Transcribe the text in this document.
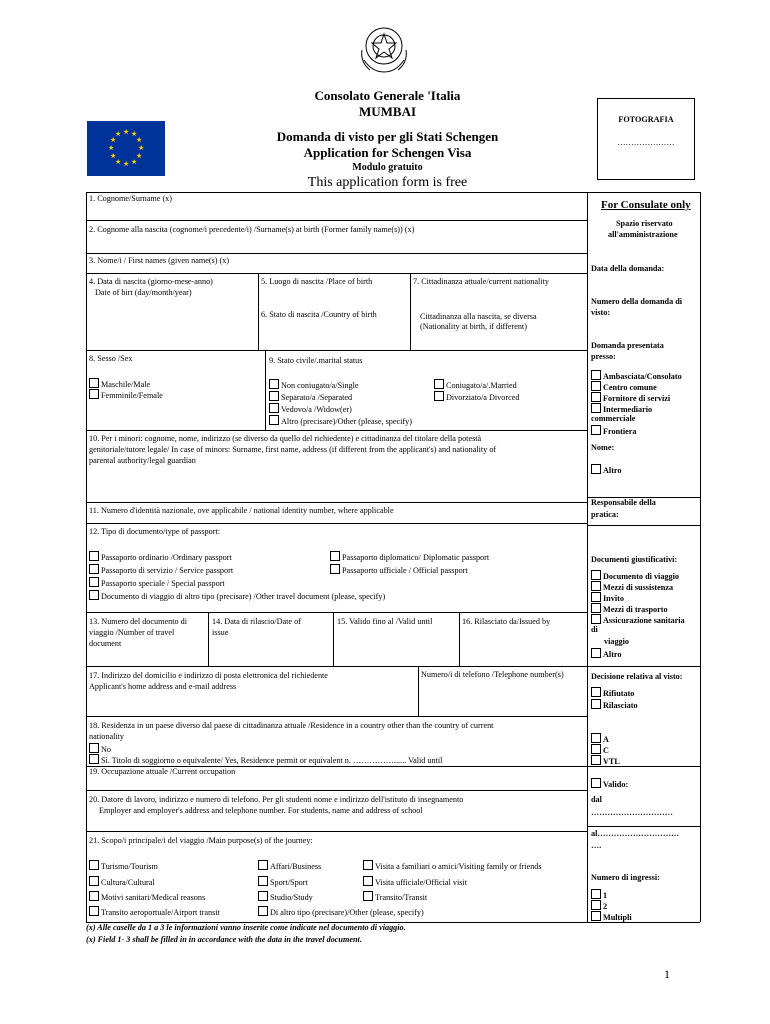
★ ★
★
★
★
★
★
★
★
★
★
★
Consolato Generale 'Italia
MUMBAI
Domanda di visto per gli Stati Schengen
Application for Schengen Visa
Modulo gratuito
This application form is free
FOTOGRAFIA
…………………
1. Cognome/Surname (x)
2. Cognome alla nascita (cognome/i precedente/i) /Surname(s) at birth (Former family name(s)) (x)
3. Nome/i / First names (given name(s) (x)
4. Data di nascita (giorno-mese-anno)
Date of birt (day/month/year)
5. Luogo di nascita /Place of birth
6. Stato di nascita /Country of birth
7. Cittadinanza attuale/current nationality
Cittadinanza alla nascita, se diversa
(Nationality at birth, if different)
8. Sesso /Sex
Maschile/Male
Femminile/Female
9. Stato civile/.marital status
Non coniugato/a/Single
Separato/a /Separated
Vedovo/a /Widow(er)
Altro (precisare)/Other (please, specify)
Coniugato/a/.Married
Divorziato/a Divorced
10. Per i minori: cognome, nome, indirizzo (se diverso da quello del richiedente) e cittadinanza del titolare della potestà
genitoriale/tutore legale/ In case of minors: Surname, first name, address (if different from the applicant's) and nationality of
parental authority/legal guardian
11. Numero d'identità nazionale, ove applicabile / national identity number, where applicable
12. Tipo di documento/type of passport:
Passaporto ordinario /Ordinary passport
Passaporto di servizio / Service passport
Passaporto speciale / Special passport
Documento di viaggio di altro tipo (precisare) /Other travel document (please, specify)
Passaporto diplomatico/ Diplomatic passport
Passaporto ufficiale / Official passport
13. Numero del documento di
viaggio /Number of travel
document
14. Data di rilascio/Date of
issue
15. Valido fino al /Valid until	16. Rilasciato da/Issued by
17. Indirizzo del domicilio e indirizzo di posta elettronica del richiedente
Applicant's home address and e-mail address
Numero/i di telefono /Telephone number(s)
18. Residenza in un paese diverso dal paese di cittadinanza attuale /Residence in a country other than the country of current
nationality
No
Sì. Titolo di soggiorno o equivalente/ Yes, Residence permit or equivalent n. ……………...... Valid until
19. Occupazione attuale /Current occupation
20. Datore di lavoro, indirizzo e numero di telefono. Per gli studenti nome e indirizzo dell'istituto di insegnamento
Employer and employer's address and telephone number. For students, name and address of school
21. Scopo/i principale/i del viaggio /Main purpose(s) of the journey:
Turismo/Tourism
Cultura/Cultural
Motivi sanitari/Medical reasons
Transito aeroportuale/Airport transit
Affari/Business
Sport/Sport
Studio/Study
Di altro tipo (precisare)/Other (please, specify)
Visita a familiari o amici/Visiting family or friends
Visita ufficiale/Official visit
Transito/Transit
(x) Alle caselle da 1 a 3 le informazioni vanno inserite come indicate nel documento di viaggio.
(x) Field 1- 3 shall be filled in in accordance with the data in the travel document.
1
For Consulate only
Spazio riservato
all'amministrazione
Data della domanda:
Numero della domanda di
visto:
Domanda presentata
presso:
Ambasciata/Consolato
Centro comune
Fornitore di servizi
Intermediario
commerciale
Frontiera
Nome:
Altro
Responsabile della
pratica:
Documenti giustificativi:
Documento di viaggio
Mezzi di sussistenza
Invito
Mezzi di trasporto
Assicurazione sanitaria
di
viaggio
Altro
Decisione relativa al visto:
Rifiutato
Rilasciato
A
C
VTL
Valido:
dal
…………………………
al…………………………
….
Numero di ingressi:
1
2
Multipli
